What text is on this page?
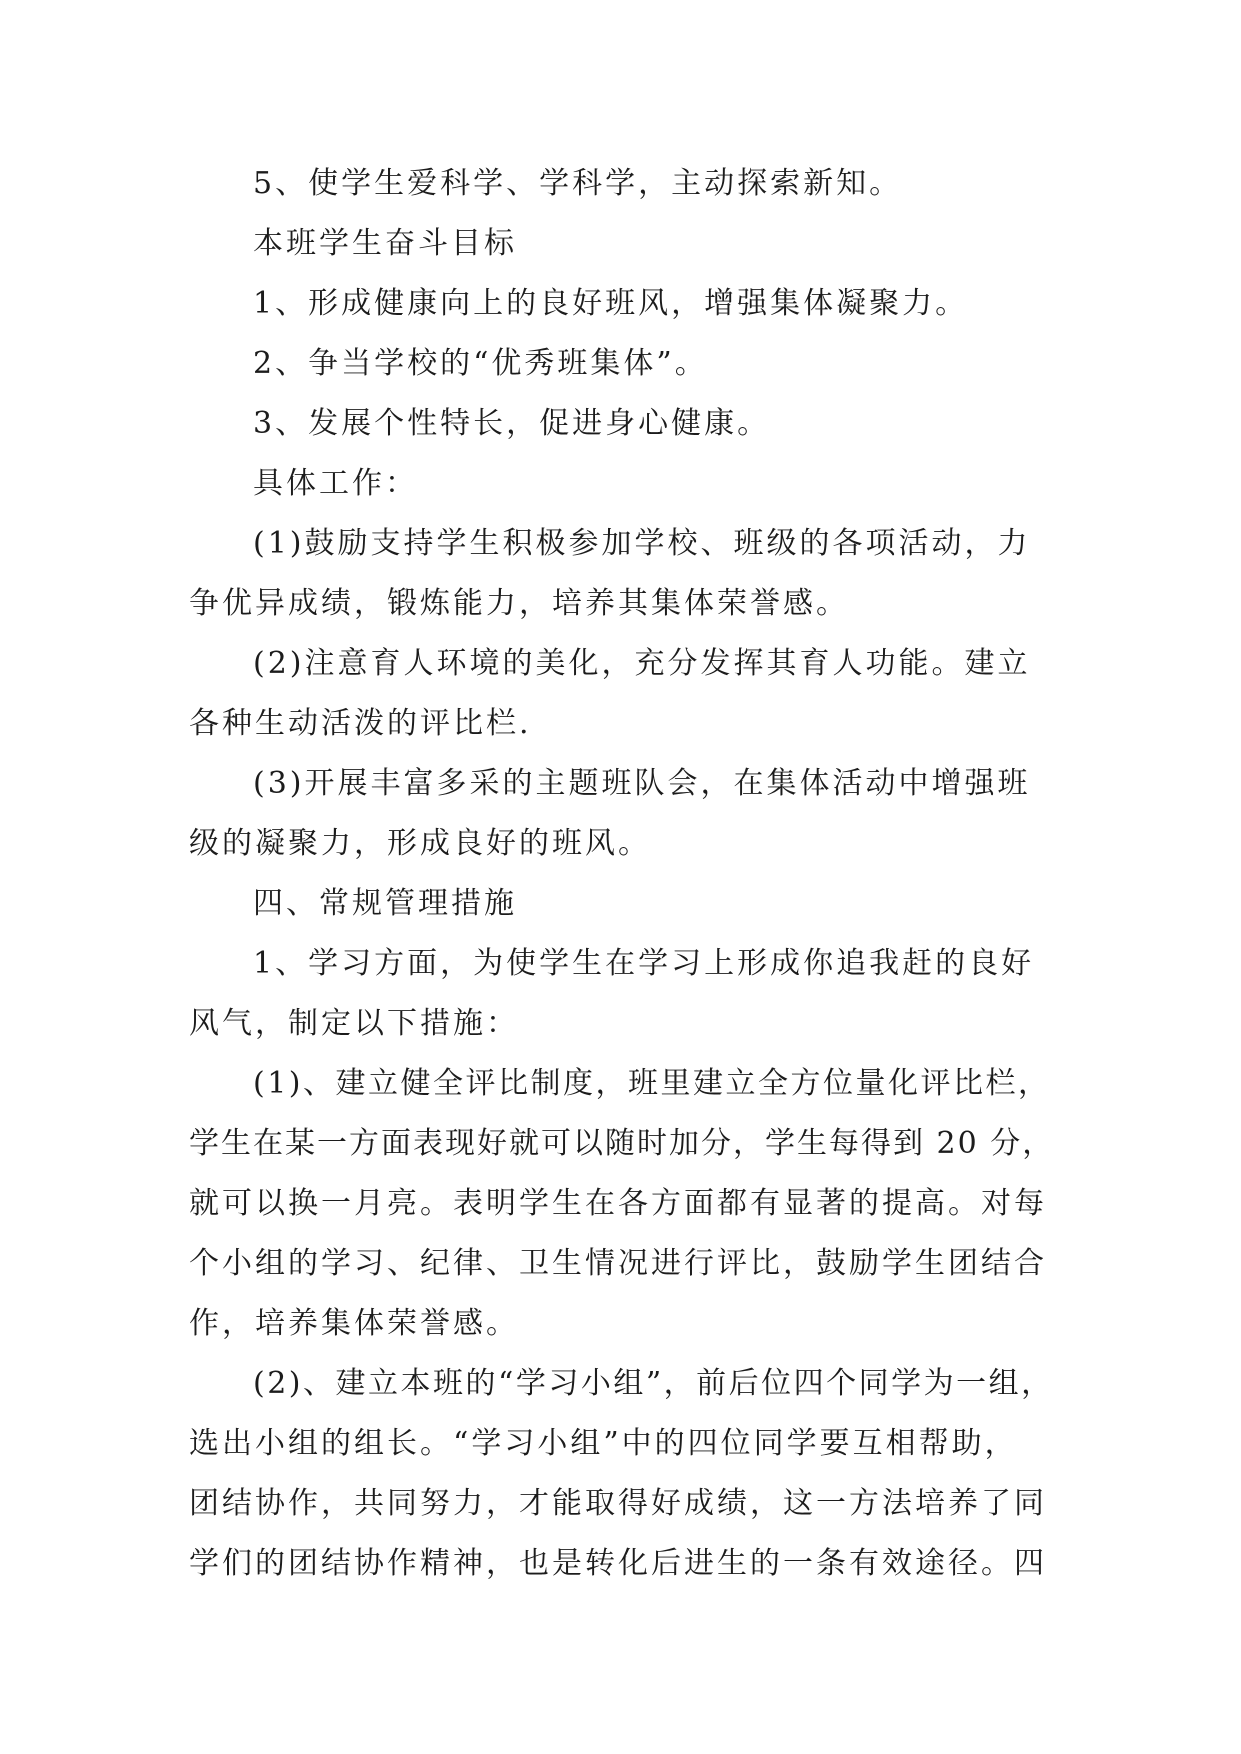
5、使学生爱科学、学科学，主动探索新知。

本班学生奋斗目标

1、形成健康向上的良好班风，增强集体凝聚力。

2、争当学校的“优秀班集体”。

3、发展个性特长，促进身心健康。

具体工作：

(1)鼓励支持学生积极参加学校、班级的各项活动，力

争优异成绩，锻炼能力，培养其集体荣誉感。

(2)注意育人环境的美化，充分发挥其育人功能。建立

各种生动活泼的评比栏.

(3)开展丰富多采的主题班队会，在集体活动中增强班

级的凝聚力，形成良好的班风。

四、常规管理措施

1、学习方面，为使学生在学习上形成你追我赶的良好

风气，制定以下措施：

(1)、建立健全评比制度，班里建立全方位量化评比栏，

学生在某一方面表现好就可以随时加分，学生每得到 20 分，

就可以换一月亮。表明学生在各方面都有显著的提高。对每

个小组的学习、纪律、卫生情况进行评比，鼓励学生团结合

作，培养集体荣誉感。

(2)、建立本班的“学习小组”，前后位四个同学为一组，

选出小组的组长。“学习小组”中的四位同学要互相帮助，

团结协作，共同努力，才能取得好成绩，这一方法培养了同

学们的团结协作精神，也是转化后进生的一条有效途径。四
